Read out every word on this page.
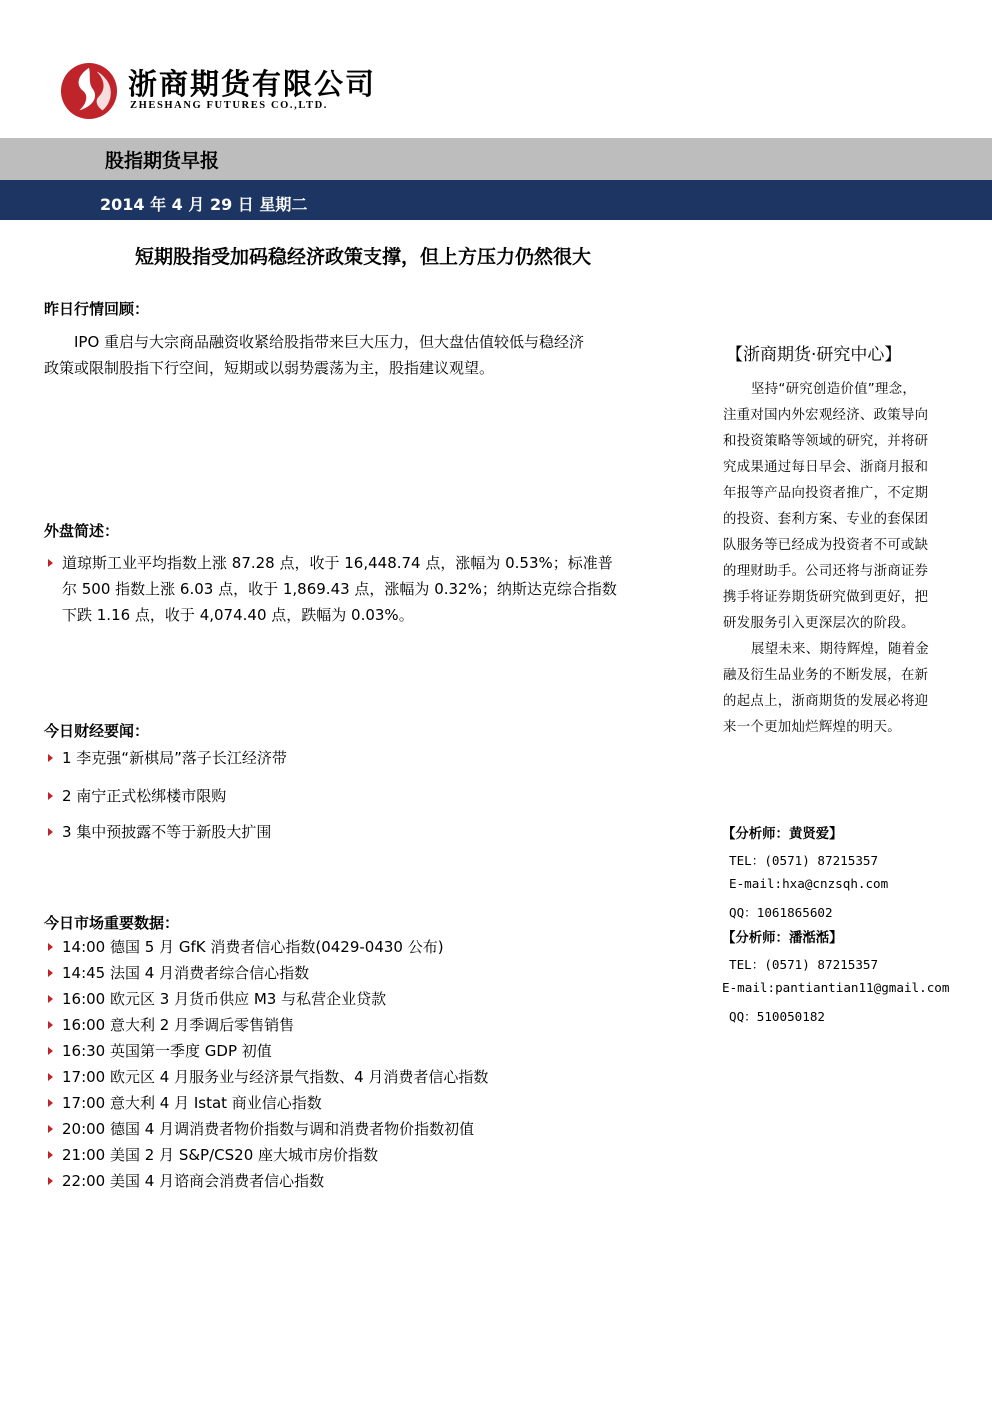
浙商期货有限公司
ZHESHANG FUTURES CO.,LTD.
股指期货早报
2014 年 4 月 29 日 星期二
短期股指受加码稳经济政策支撑，但上方压力仍然很大
昨日行情回顾：
IPO 重启与大宗商品融资收紧给股指带来巨大压力，但大盘估值较低与稳经济
政策或限制股指下行空间，短期或以弱势震荡为主，股指建议观望。
外盘简述：
道琼斯工业平均指数上涨 87.28 点，收于 16,448.74 点，涨幅为 0.53%；标准普
尔 500 指数上涨 6.03 点，收于 1,869.43 点，涨幅为 0.32%；纳斯达克综合指数
下跌 1.16 点，收于 4,074.40 点，跌幅为 0.03%。
今日财经要闻：
1 李克强“新棋局”落子长江经济带
2 南宁正式松绑楼市限购
3 集中预披露不等于新股大扩围
今日市场重要数据：
14:00 德国 5 月 GfK 消费者信心指数(0429-0430 公布)
14:45 法国 4 月消费者综合信心指数
16:00 欧元区 3 月货币供应 M3 与私营企业贷款
16:00 意大利 2 月季调后零售销售
16:30 英国第一季度 GDP 初值
17:00 欧元区 4 月服务业与经济景气指数、4 月消费者信心指数
17:00 意大利 4 月 Istat 商业信心指数
20:00 德国 4 月调消费者物价指数与调和消费者物价指数初值
21:00 美国 2 月 S&P/CS20 座大城市房价指数
22:00 美国 4 月谘商会消费者信心指数
【浙商期货·研究中心】
坚持“研究创造价值”理念，
注重对国内外宏观经济、政策导向
和投资策略等领域的研究，并将研
究成果通过每日早会、浙商月报和
年报等产品向投资者推广，不定期
的投资、套利方案、专业的套保团
队服务等已经成为投资者不可或缺
的理财助手。公司还将与浙商证券
携手将证券期货研究做到更好，把
研发服务引入更深层次的阶段。
展望未来、期待辉煌，随着金
融及衍生品业务的不断发展，在新
的起点上，浙商期货的发展必将迎
来一个更加灿烂辉煌的明天。
【分析师：黄贤爱】
TEL：(0571) 87215357
E-mail:hxa@cnzsqh.com
QQ：1061865602
【分析师：潘湉湉】
TEL：(0571) 87215357
E-mail:pantiantian11@gmail.com
QQ：510050182
